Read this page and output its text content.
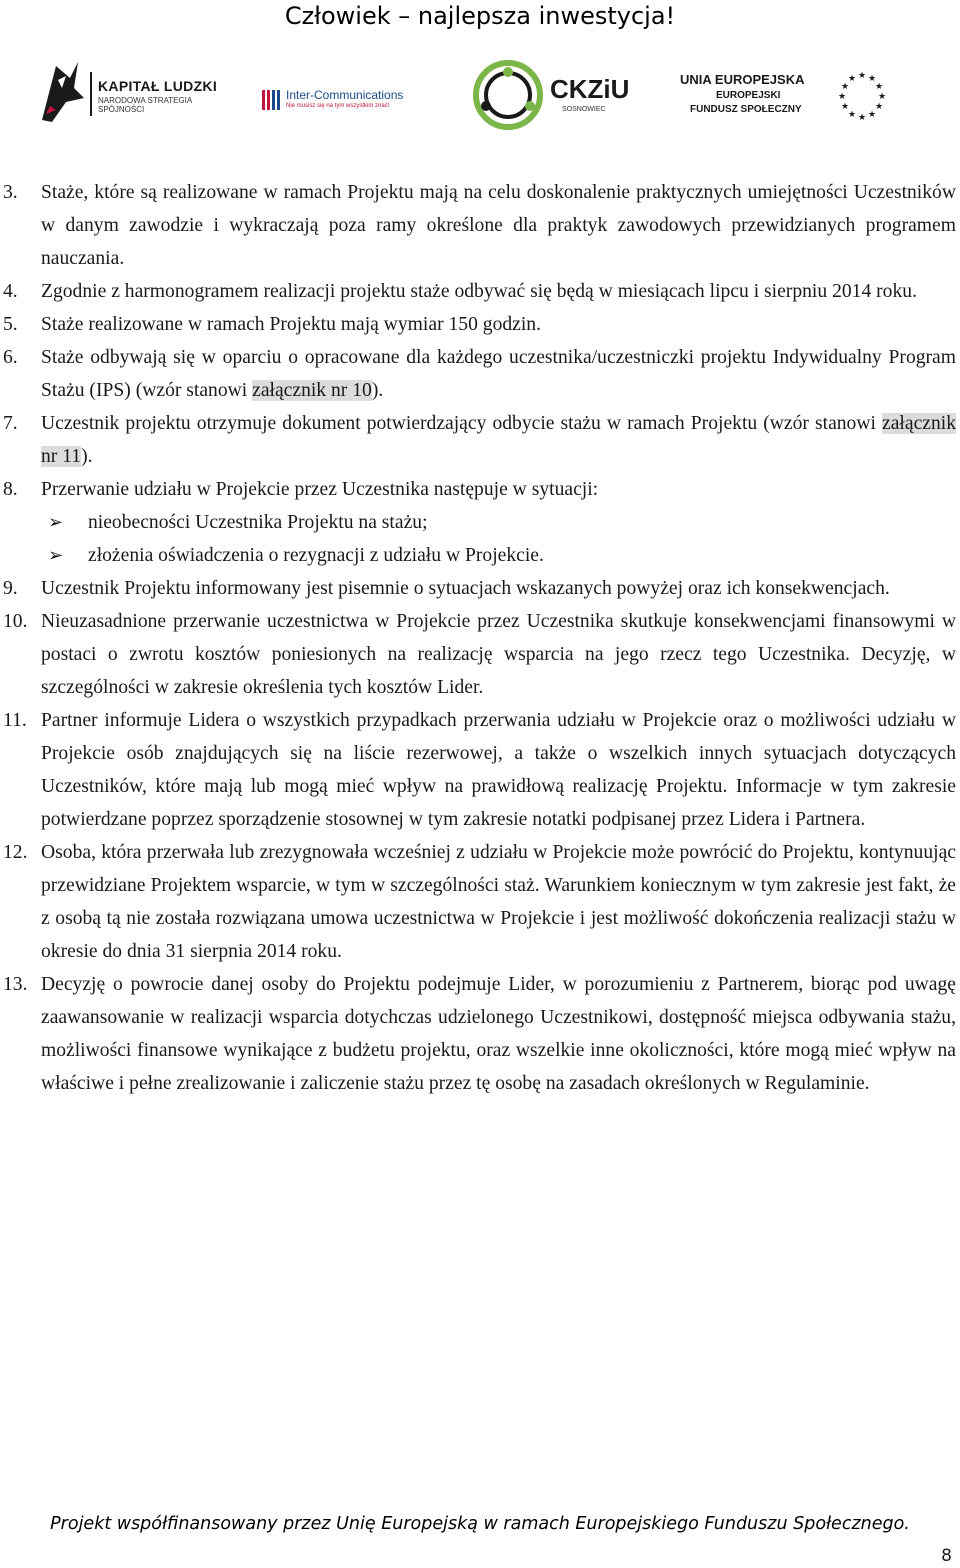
Człowiek – najlepsza inwestycja!
KAPITAŁ LUDZKI
NARODOWA STRATEGIA SPÓJNOŚCI
Inter-Communications
Nie musisz się na tym wszystkim znać!
CKZiU
SOSNOWIEC
UNIA EUROPEJSKA
EUROPEJSKI
FUNDUSZ SPOŁECZNY
★ ★
★
★
★
★
★
★
★
★
★
★
3. Staże, które są realizowane w ramach Projektu mają na celu doskonalenie praktycznych umiejętności Uczestników w danym zawodzie i wykraczają poza ramy określone dla praktyk zawodowych przewidzianych programem nauczania.
4. Zgodnie z harmonogramem realizacji projektu staże odbywać się będą w miesiącach lipcu i sierpniu 2014 roku.
5. Staże realizowane w ramach Projektu mają wymiar 150 godzin.
6. Staże odbywają się w oparciu o opracowane dla każdego uczestnika/uczestniczki projektu Indywidualny Program Stażu (IPS) (wzór stanowi załącznik nr 10).
7. Uczestnik projektu otrzymuje dokument potwierdzający odbycie stażu w ramach Projektu (wzór stanowi załącznik nr 11).
8. Przerwanie udziału w Projekcie przez Uczestnika następuje w sytuacji:
➢ nieobecności Uczestnika Projektu na stażu;
➢ złożenia oświadczenia o rezygnacji z udziału w Projekcie.
9. Uczestnik Projektu informowany jest pisemnie o sytuacjach wskazanych powyżej oraz ich konsekwencjach.
10. Nieuzasadnione przerwanie uczestnictwa w Projekcie przez Uczestnika skutkuje konsekwencjami finansowymi w postaci o zwrotu kosztów poniesionych na realizację wsparcia na jego rzecz tego Uczestnika. Decyzję, w szczególności w zakresie określenia tych kosztów Lider.
11. Partner informuje Lidera o wszystkich przypadkach przerwania udziału w Projekcie oraz o możliwości udziału w Projekcie osób znajdujących się na liście rezerwowej, a także o wszelkich innych sytuacjach dotyczących Uczestników, które mają lub mogą mieć wpływ na prawidłową realizację Projektu. Informacje w tym zakresie potwierdzane poprzez sporządzenie stosownej w tym zakresie notatki podpisanej przez Lidera i Partnera.
12. Osoba, która przerwała lub zrezygnowała wcześniej z udziału w Projekcie może powrócić do Projektu, kontynuując przewidziane Projektem wsparcie, w tym w szczególności staż. Warunkiem koniecznym w tym zakresie jest fakt, że z osobą tą nie została rozwiązana umowa uczestnictwa w Projekcie i jest możliwość dokończenia realizacji stażu w okresie do dnia 31 sierpnia 2014 roku.
13. Decyzję o powrocie danej osoby do Projektu podejmuje Lider, w porozumieniu z Partnerem, biorąc pod uwagę zaawansowanie w realizacji wsparcia dotychczas udzielonego Uczestnikowi, dostępność miejsca odbywania stażu, możliwości finansowe wynikające z budżetu projektu, oraz wszelkie inne okoliczności, które mogą mieć wpływ na właściwe i pełne zrealizowanie i zaliczenie stażu przez tę osobę na zasadach określonych w Regulaminie.
Projekt współfinansowany przez Unię Europejską w ramach Europejskiego Funduszu Społecznego.
8
